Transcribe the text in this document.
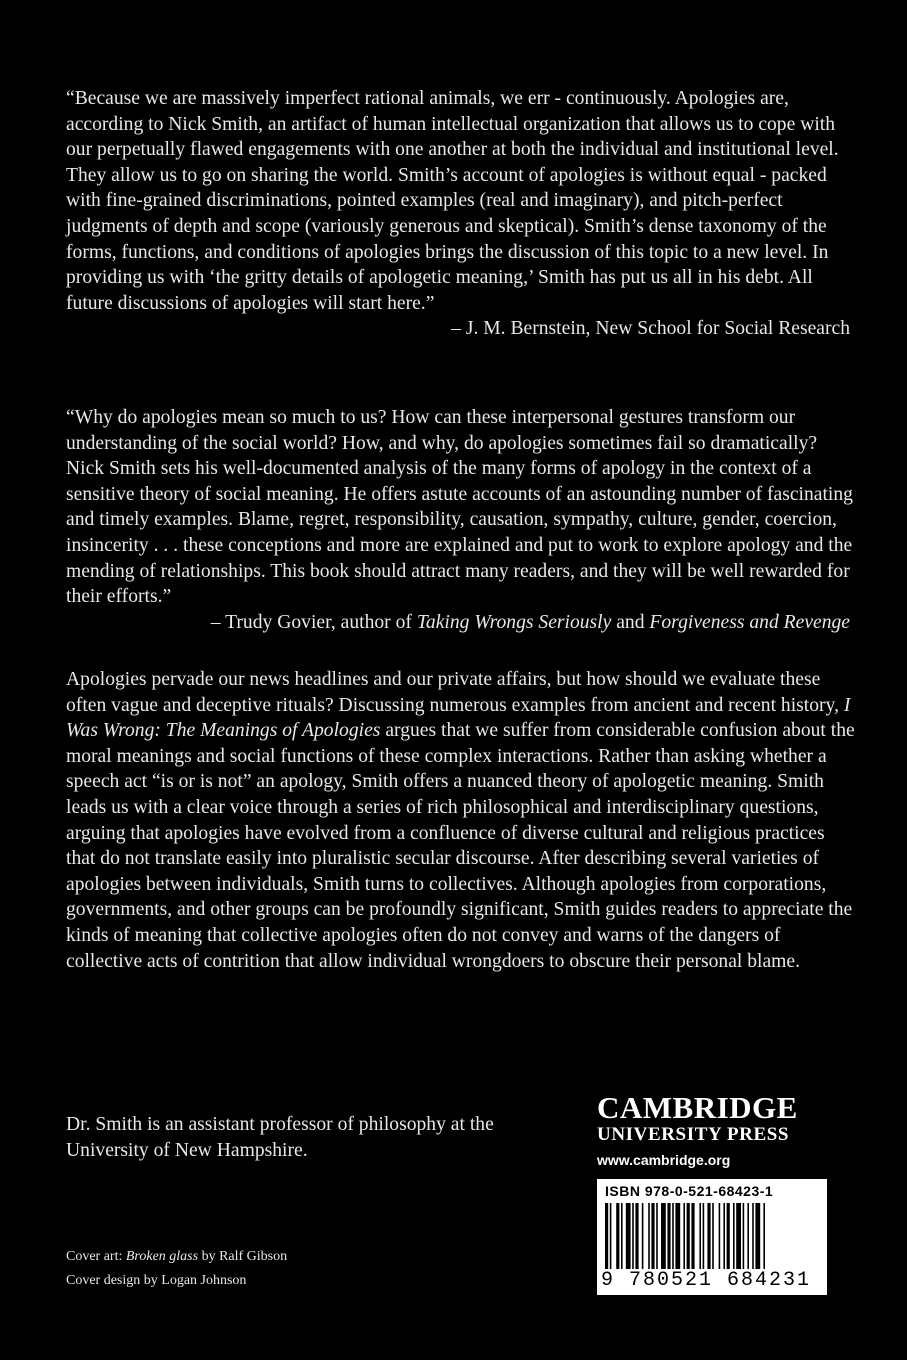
“Because we are massively imperfect rational animals, we err - continuously. Apologies are, according to Nick Smith, an artifact of human intellectual organization that allows us to cope with our perpetually flawed engagements with one another at both the individual and institutional level. They allow us to go on sharing the world. Smith’s account of apologies is without equal - packed with fine-grained discriminations, pointed examples (real and imaginary), and pitch-perfect judgments of depth and scope (variously generous and skeptical). Smith’s dense taxonomy of the forms, functions, and conditions of apologies brings the discussion of this topic to a new level. In providing us with ‘the gritty details of apologetic meaning,’ Smith has put us all in his debt. All future discussions of apologies will start here.”

– J. M. Bernstein, New School for Social Research

“Why do apologies mean so much to us? How can these interpersonal gestures transform our understanding of the social world? How, and why, do apologies sometimes fail so dramatically? Nick Smith sets his well-documented analysis of the many forms of apology in the context of a sensitive theory of social meaning. He offers astute accounts of an astounding number of fascinating and timely examples. Blame, regret, responsibility, causation, sympathy, culture, gender, coercion, insincerity . . . these conceptions and more are explained and put to work to explore apology and the mending of relationships. This book should attract many readers, and they will be well rewarded for their efforts.”

– Trudy Govier, author of Taking Wrongs Seriously and Forgiveness and Revenge

Apologies pervade our news headlines and our private affairs, but how should we evaluate these often vague and deceptive rituals? Discussing numerous examples from ancient and recent history, I Was Wrong: The Meanings of Apologies argues that we suffer from considerable confusion about the moral meanings and social functions of these complex interactions. Rather than asking whether a speech act “is or is not” an apology, Smith offers a nuanced theory of apologetic meaning. Smith leads us with a clear voice through a series of rich philosophical and interdisciplinary questions, arguing that apologies have evolved from a confluence of diverse cultural and religious practices that do not translate easily into pluralistic secular discourse. After describing several varieties of apologies between individuals, Smith turns to collectives. Although apologies from corporations, governments, and other groups can be profoundly significant, Smith guides readers to appreciate the kinds of meaning that collective apologies often do not convey and warns of the dangers of collective acts of contrition that allow individual wrongdoers to obscure their personal blame.

Dr. Smith is an assistant professor of philosophy at the University of New Hampshire.

Cover art: Broken glass by Ralf Gibson

Cover design by Logan Johnson

CAMBRIDGE
UNIVERSITY PRESS
www.cambridge.org
ISBN 978-0-521-68423-1
9 780521 684231
